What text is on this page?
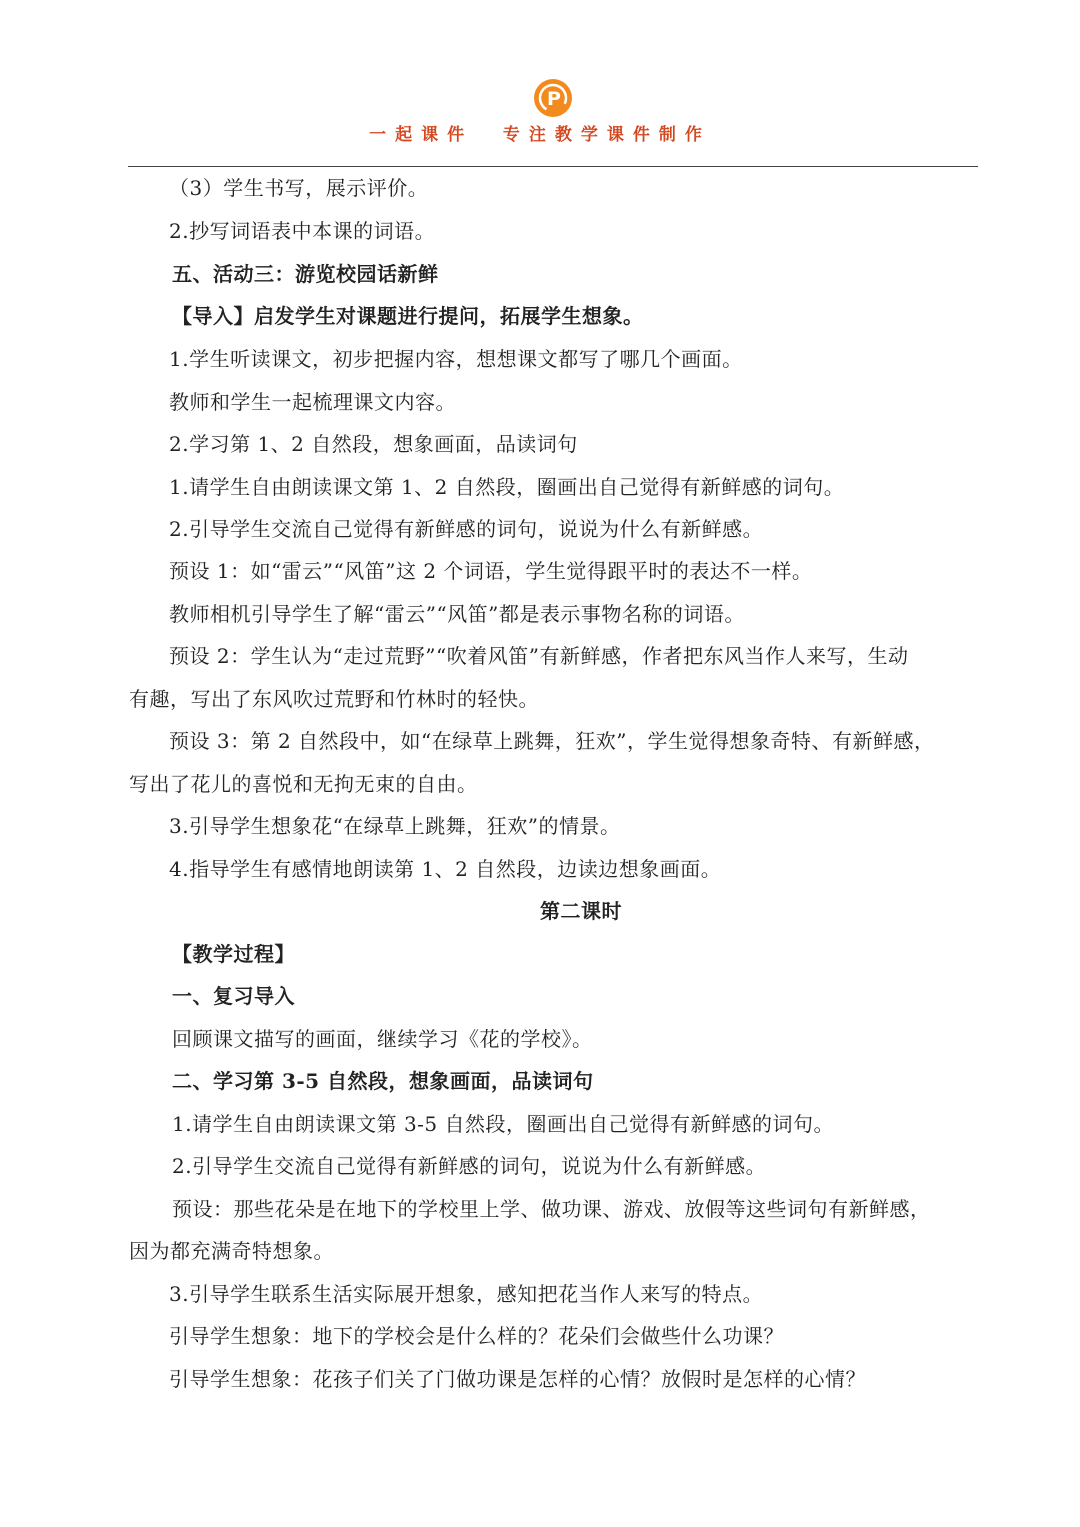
P
一起课件  专注教学课件制作
（3）学生书写，展示评价。
2.抄写词语表中本课的词语。
五、活动三：游览校园话新鲜
【导入】启发学生对课题进行提问，拓展学生想象。
1.学生听读课文，初步把握内容，想想课文都写了哪几个画面。
教师和学生一起梳理课文内容。
2.学习第 1、2 自然段，想象画面，品读词句
1.请学生自由朗读课文第 1、2 自然段，圈画出自己觉得有新鲜感的词句。
2.引导学生交流自己觉得有新鲜感的词句，说说为什么有新鲜感。
预设 1：如“雷云”“风笛”这 2 个词语，学生觉得跟平时的表达不一样。
教师相机引导学生了解“雷云”“风笛”都是表示事物名称的词语。
预设 2：学生认为“走过荒野”“吹着风笛”有新鲜感，作者把东风当作人来写，生动
有趣，写出了东风吹过荒野和竹林时的轻快。
预设 3：第 2 自然段中，如“在绿草上跳舞，狂欢”，学生觉得想象奇特、有新鲜感，
写出了花儿的喜悦和无拘无束的自由。
3.引导学生想象花“在绿草上跳舞，狂欢”的情景。
4.指导学生有感情地朗读第 1、2 自然段，边读边想象画面。
第二课时
【教学过程】
一、复习导入
回顾课文描写的画面，继续学习《花的学校》。
二、学习第 3-5 自然段，想象画面，品读词句
1.请学生自由朗读课文第 3-5 自然段，圈画出自己觉得有新鲜感的词句。
2.引导学生交流自己觉得有新鲜感的词句，说说为什么有新鲜感。
预设：那些花朵是在地下的学校里上学、做功课、游戏、放假等这些词句有新鲜感，
因为都充满奇特想象。
3.引导学生联系生活实际展开想象，感知把花当作人来写的特点。
引导学生想象：地下的学校会是什么样的？花朵们会做些什么功课？
引导学生想象：花孩子们关了门做功课是怎样的心情？放假时是怎样的心情？
